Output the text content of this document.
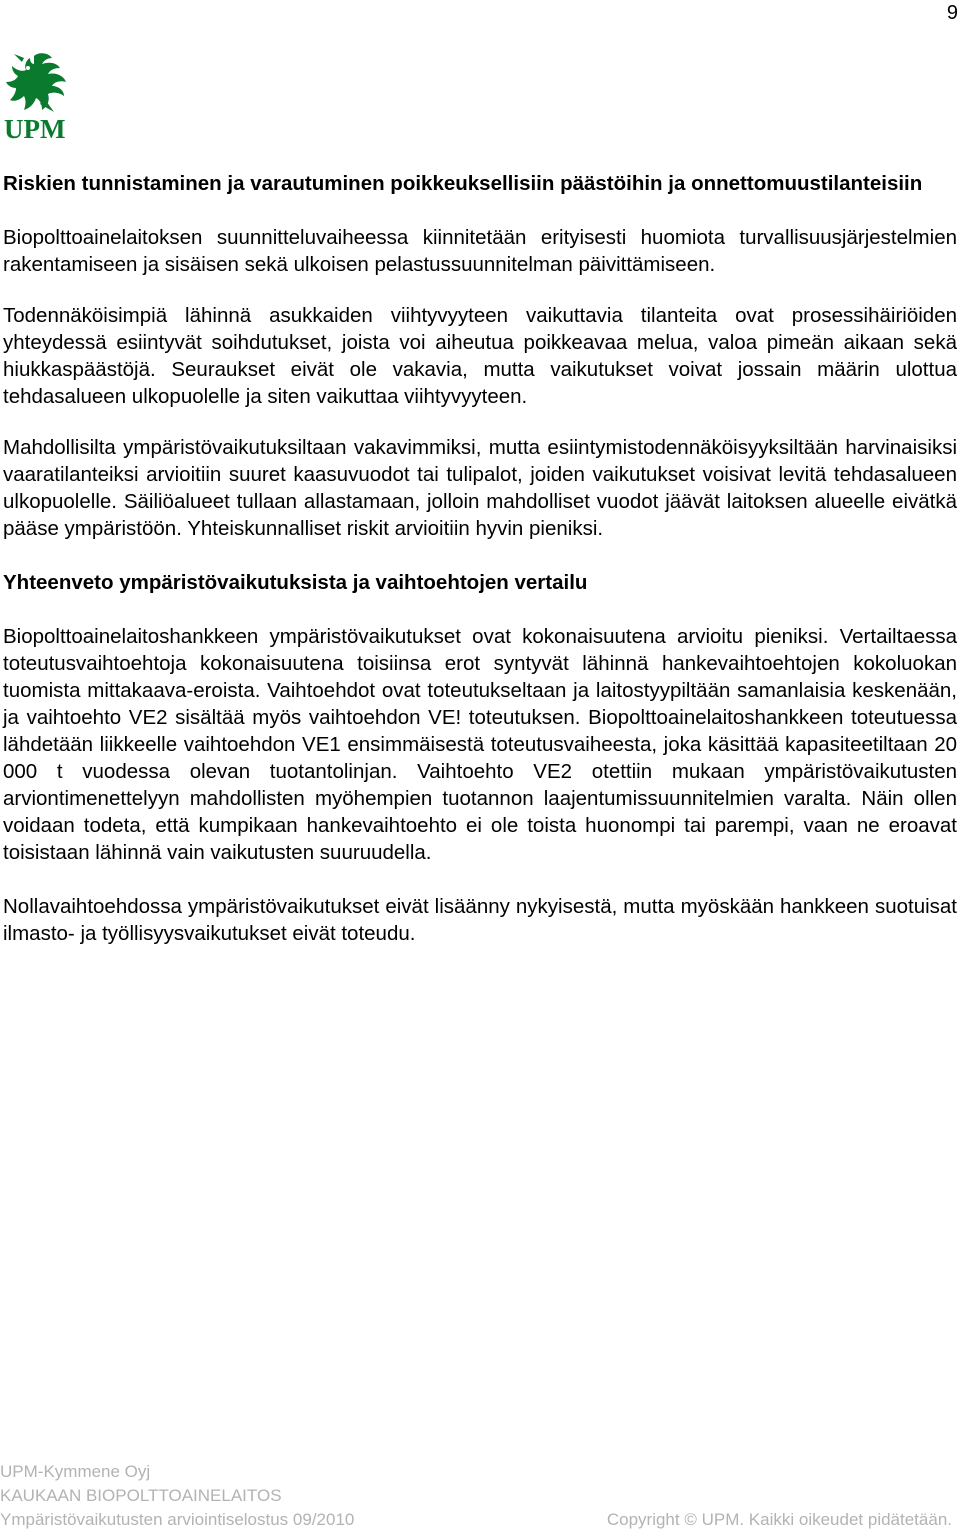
9
UPM
Riskien tunnistaminen ja varautuminen poikkeuksellisiin päästöihin ja onnettomuustilanteisiin

Biopolttoainelaitoksen suunnitteluvaiheessa kiinnitetään erityisesti huomiota turvallisuusjärjestelmien rakentamiseen ja sisäisen sekä ulkoisen pelastussuunnitelman päivittämiseen.

Todennäköisimpiä lähinnä asukkaiden viihtyvyyteen vaikuttavia tilanteita ovat prosessihäiriöiden yhteydessä esiintyvät soihdutukset, joista voi aiheutua poikkeavaa melua, valoa pimeän aikaan sekä hiukkaspäästöjä. Seuraukset eivät ole vakavia, mutta vaikutukset voivat jossain määrin ulottua tehdasalueen ulkopuolelle ja siten vaikuttaa viihtyvyyteen.

Mahdollisilta ympäristövaikutuksiltaan vakavimmiksi, mutta esiintymistodennäköisyyksiltään harvinaisiksi vaaratilanteiksi arvioitiin suuret kaasuvuodot tai tulipalot, joiden vaikutukset voisivat levitä tehdasalueen ulkopuolelle. Säiliöalueet tullaan allastamaan, jolloin mahdolliset vuodot jäävät laitoksen alueelle eivätkä pääse ympäristöön. Yhteiskunnalliset riskit arvioitiin hyvin pieniksi.

Yhteenveto ympäristövaikutuksista ja vaihtoehtojen vertailu

Biopolttoainelaitoshankkeen ympäristövaikutukset ovat kokonaisuutena arvioitu pieniksi. Vertailtaessa toteutusvaihtoehtoja kokonaisuutena toisiinsa erot syntyvät lähinnä hankevaihtoehtojen kokoluokan tuomista mittakaava-eroista. Vaihtoehdot ovat toteutukseltaan ja laitostyypiltään samanlaisia keskenään, ja vaihtoehto VE2 sisältää myös vaihtoehdon VE! toteutuksen. Biopolttoainelaitoshankkeen toteutuessa lähdetään liikkeelle vaihtoehdon VE1 ensimmäisestä toteutusvaiheesta, joka käsittää kapasiteetiltaan 20 000 t vuodessa olevan tuotantolinjan. Vaihtoehto VE2 otettiin mukaan ympäristövaikutusten arviontimenettelyyn mahdollisten myöhempien tuotannon laajentumissuunnitelmien varalta. Näin ollen voidaan todeta, että kumpikaan hankevaihtoehto ei ole toista huonompi tai parempi, vaan ne eroavat toisistaan lähinnä vain vaikutusten suuruudella.

Nollavaihtoehdossa ympäristövaikutukset eivät lisäänny nykyisestä, mutta myöskään hankkeen suotuisat ilmasto- ja työllisyysvaikutukset eivät toteudu.

UPM-Kymmene Oyj
KAUKAAN BIOPOLTTOAINELAITOS
Ympäristövaikutusten arviointiselostus 09/2010	Copyright © UPM. Kaikki oikeudet pidätetään.
